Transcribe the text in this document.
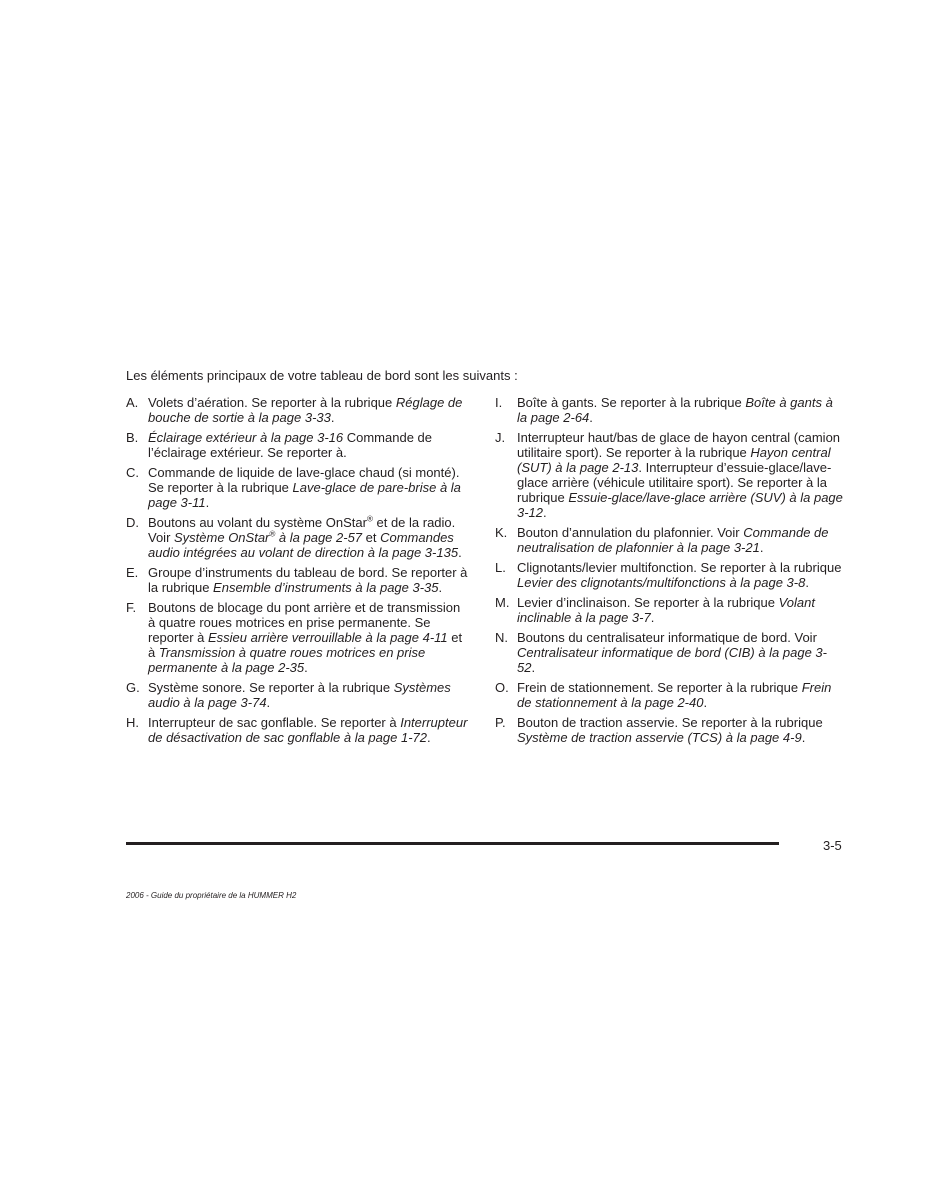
Les éléments principaux de votre tableau de bord sont les suivants :
A. Volets d’aération. Se reporter à la rubrique Réglage de bouche de sortie à la page 3-33.
B. Éclairage extérieur à la page 3-16 Commande de l’éclairage extérieur. Se reporter à.
C. Commande de liquide de lave-glace chaud (si monté). Se reporter à la rubrique Lave-glace de pare-brise à la page 3-11.
D. Boutons au volant du système OnStar® et de la radio. Voir Système OnStar® à la page 2-57 et Commandes audio intégrées au volant de direction à la page 3-135.
E. Groupe d’instruments du tableau de bord. Se reporter à la rubrique Ensemble d’instruments à la page 3-35.
F. Boutons de blocage du pont arrière et de transmission à quatre roues motrices en prise permanente. Se reporter à Essieu arrière verrouillable à la page 4-11 et à Transmission à quatre roues motrices en prise permanente à la page 2-35.
G. Système sonore. Se reporter à la rubrique Systèmes audio à la page 3-74.
H. Interrupteur de sac gonflable. Se reporter à Interrupteur de désactivation de sac gonflable à la page 1-72.
I.	Boîte à gants. Se reporter à la rubrique Boîte à gants à la page 2-64.
J. Interrupteur haut/bas de glace de hayon central (camion utilitaire sport). Se reporter à la rubrique Hayon central (SUT) à la page 2-13. Interrupteur d’essuie-glace/lave-glace arrière (véhicule utilitaire sport). Se reporter à la rubrique Essuie-glace/lave-glace arrière (SUV) à la page 3-12.
K. Bouton d’annulation du plafonnier. Voir Commande de neutralisation de plafonnier à la page 3-21.
L. Clignotants/levier multifonction. Se reporter à la rubrique Levier des clignotants/multifonctions à la page 3-8.
M. Levier d’inclinaison. Se reporter à la rubrique Volant inclinable à la page 3-7.
N. Boutons du centralisateur informatique de bord. Voir Centralisateur informatique de bord (CIB) à la page 3-52.
O. Frein de stationnement. Se reporter à la rubrique Frein de stationnement à la page 2-40.
P. Bouton de traction asservie. Se reporter à la rubrique Système de traction asservie (TCS) à la page 4-9.
3-5
2006 - Guide du propriétaire de la HUMMER H2
